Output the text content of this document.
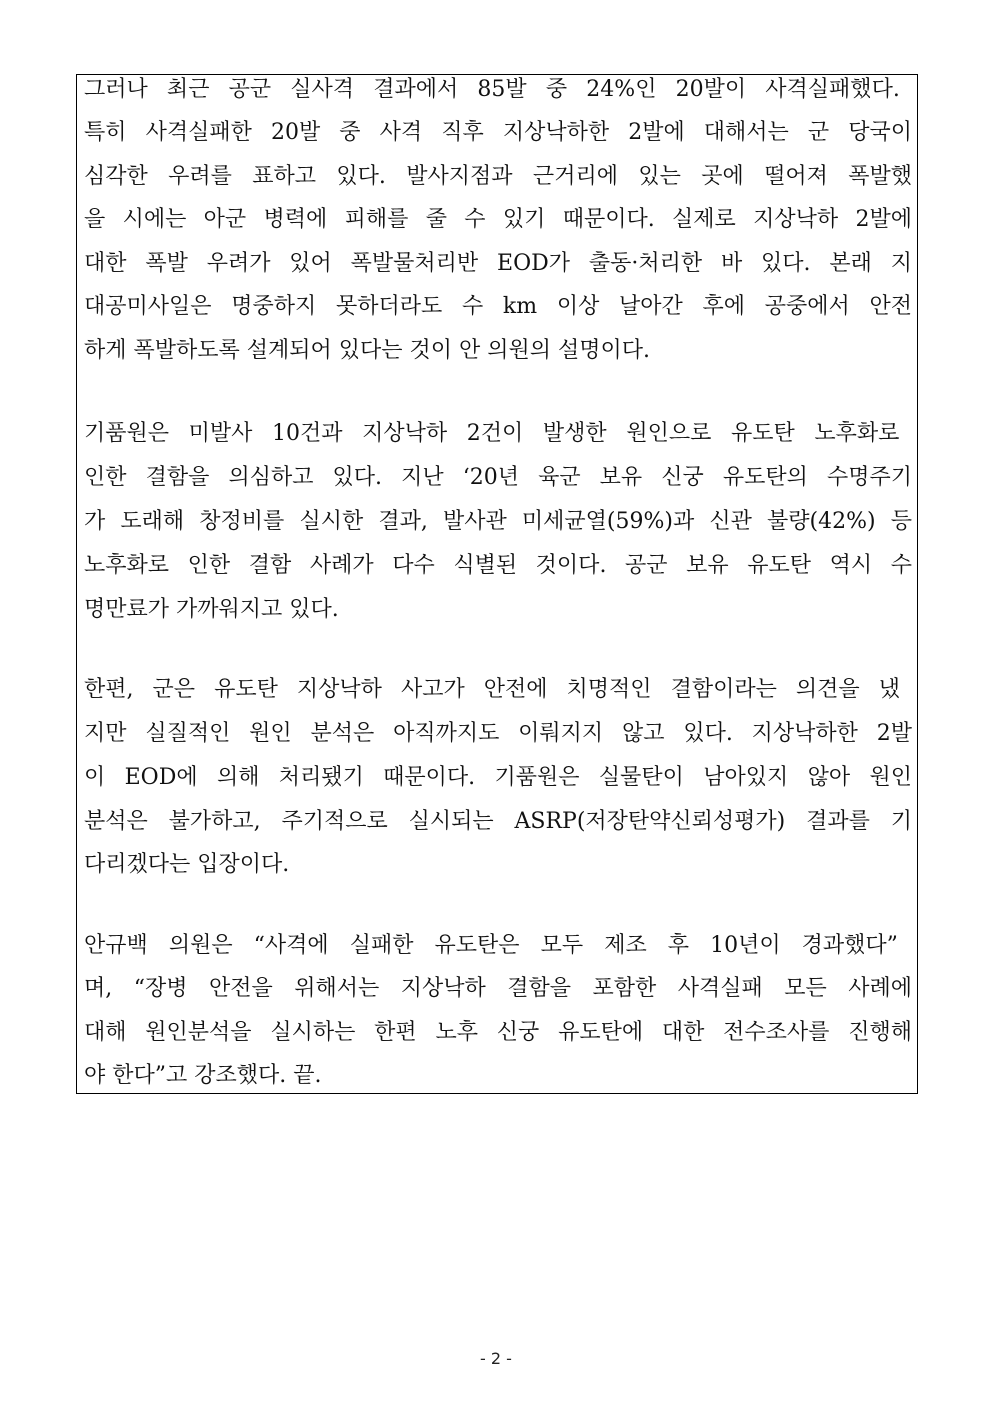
그러나 최근 공군 실사격 결과에서 85발 중 24%인 20발이 사격실패했다.
특히 사격실패한 20발 중 사격 직후 지상낙하한 2발에 대해서는 군 당국이
심각한 우려를 표하고 있다. 발사지점과 근거리에 있는 곳에 떨어져 폭발했
을 시에는 아군 병력에 피해를 줄 수 있기 때문이다. 실제로 지상낙하 2발에
대한 폭발 우려가 있어 폭발물처리반 EOD가 출동·처리한 바 있다. 본래 지
대공미사일은 명중하지 못하더라도 수 km 이상 날아간 후에 공중에서 안전
하게 폭발하도록 설계되어 있다는 것이 안 의원의 설명이다.
기품원은 미발사 10건과 지상낙하 2건이 발생한 원인으로 유도탄 노후화로
인한 결함을 의심하고 있다. 지난 ‘20년 육군 보유 신궁 유도탄의 수명주기
가 도래해 창정비를 실시한 결과, 발사관 미세균열(59%)과 신관 불량(42%) 등
노후화로 인한 결함 사례가 다수 식별된 것이다. 공군 보유 유도탄 역시 수
명만료가 가까워지고 있다.
한편, 군은 유도탄 지상낙하 사고가 안전에 치명적인 결함이라는 의견을 냈
지만 실질적인 원인 분석은 아직까지도 이뤄지지 않고 있다. 지상낙하한 2발
이 EOD에 의해 처리됐기 때문이다. 기품원은 실물탄이 남아있지 않아 원인
분석은 불가하고, 주기적으로 실시되는 ASRP(저장탄약신뢰성평가) 결과를 기
다리겠다는 입장이다.
안규백 의원은 “사격에 실패한 유도탄은 모두 제조 후 10년이 경과했다”
며, “장병 안전을 위해서는 지상낙하 결함을 포함한 사격실패 모든 사례에
대해 원인분석을 실시하는 한편 노후 신궁 유도탄에 대한 전수조사를 진행해
야 한다”고 강조했다. 끝.
- 2 -
